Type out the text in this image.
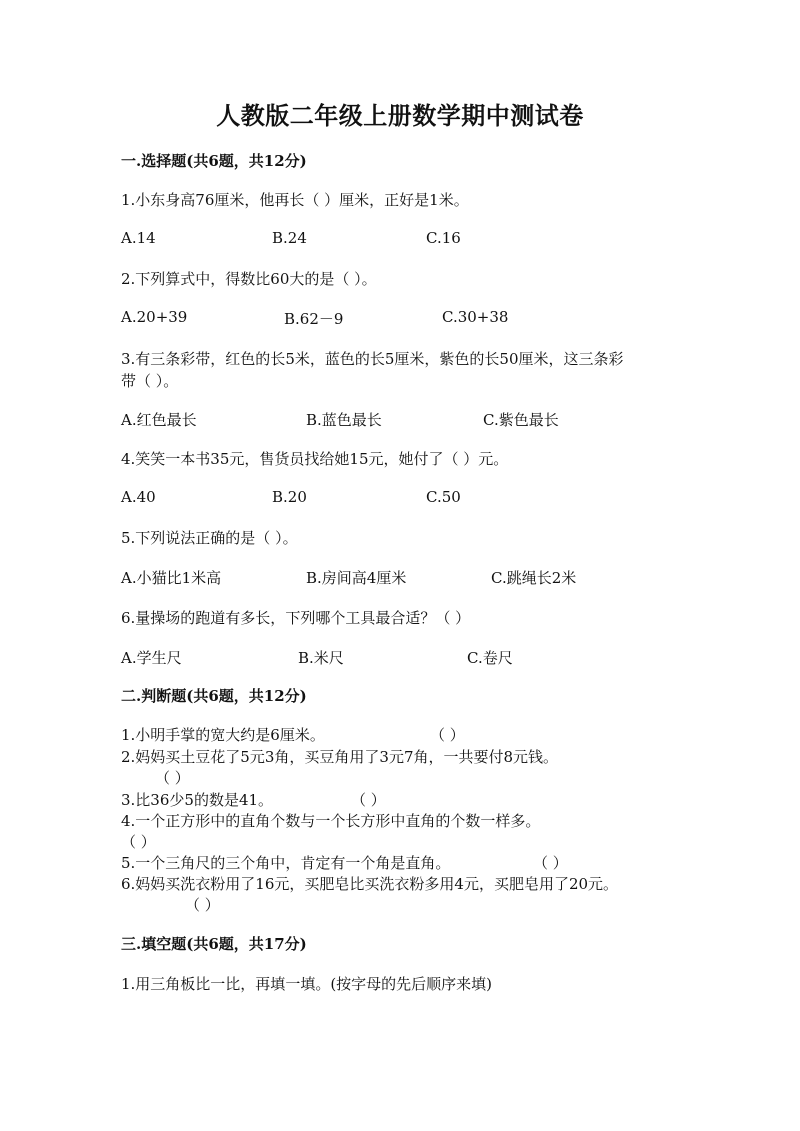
人教版二年级上册数学期中测试卷
一.选择题(共6题，共12分)
1.小东身高76厘米，他再长（ ）厘米，正好是1米。
A.14	B.24	C.16
2.下列算式中，得数比60大的是（ ）。
A.20+39	B.62－9	C.30+38
3.有三条彩带，红色的长5米，蓝色的长5厘米，紫色的长50厘米，这三条彩
带（ ）。
A.红色最长	B.蓝色最长	C.紫色最长
4.笑笑一本书35元，售货员找给她15元，她付了（ ）元。
A.40	B.20	C.50
5.下列说法正确的是（ ）。
A.小猫比1米高	B.房间高4厘米	C.跳绳长2米
6.量操场的跑道有多长，下列哪个工具最合适？（ ）
A.学生尺	B.米尺	C.卷尺
二.判断题(共6题，共12分)
1.小明手掌的宽大约是6厘米。	（ ）
2.妈妈买土豆花了5元3角，买豆角用了3元7角，一共要付8元钱。
（ ）
3.比36少5的数是41。	（ ）
4.一个正方形中的直角个数与一个长方形中直角的个数一样多。
（ ）
5.一个三角尺的三个角中，肯定有一个角是直角。	（ ）
6.妈妈买洗衣粉用了16元，买肥皂比买洗衣粉多用4元，买肥皂用了20元。
（ ）
三.填空题(共6题，共17分)
1.用三角板比一比，再填一填。(按字母的先后顺序来填)
